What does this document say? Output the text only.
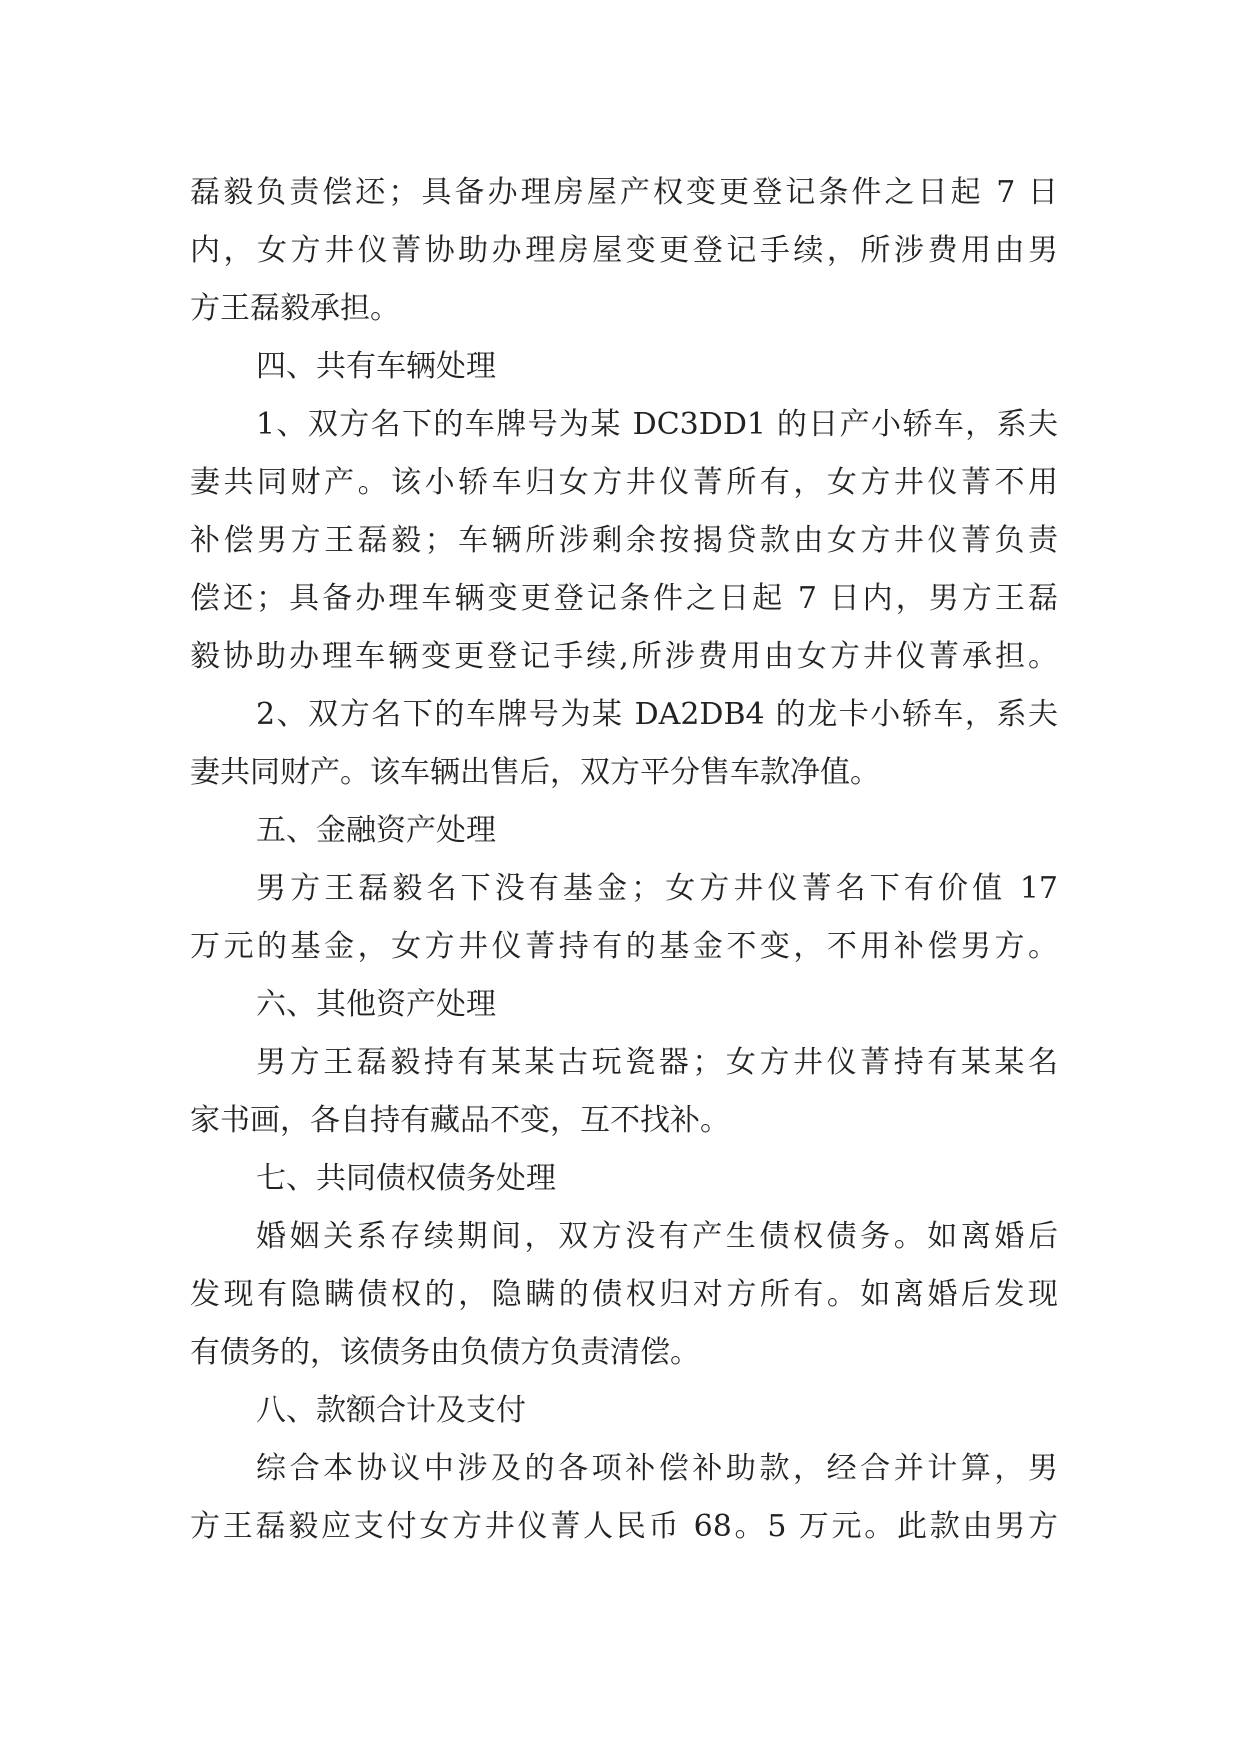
磊毅负责偿还；具备办理房屋产权变更登记条件之日起 7 日
内，女方井仪菁协助办理房屋变更登记手续，所涉费用由男
方王磊毅承担。
四、共有车辆处理
1、双方名下的车牌号为某 DC3DD1 的日产小轿车，系夫
妻共同财产。该小轿车归女方井仪菁所有，女方井仪菁不用
补偿男方王磊毅；车辆所涉剩余按揭贷款由女方井仪菁负责
偿还；具备办理车辆变更登记条件之日起 7 日内，男方王磊
毅协助办理车辆变更登记手续,所涉费用由女方井仪菁承担。
2、双方名下的车牌号为某 DA2DB4 的龙卡小轿车，系夫
妻共同财产。该车辆出售后，双方平分售车款净值。
五、金融资产处理
男方王磊毅名下没有基金；女方井仪菁名下有价值 17
万元的基金，女方井仪菁持有的基金不变，不用补偿男方。
六、其他资产处理
男方王磊毅持有某某古玩瓷器；女方井仪菁持有某某名
家书画，各自持有藏品不变，互不找补。
七、共同债权债务处理
婚姻关系存续期间，双方没有产生债权债务。如离婚后
发现有隐瞒债权的，隐瞒的债权归对方所有。如离婚后发现
有债务的，该债务由负债方负责清偿。
八、款额合计及支付
综合本协议中涉及的各项补偿补助款，经合并计算，男
方王磊毅应支付女方井仪菁人民币 68。5 万元。此款由男方
